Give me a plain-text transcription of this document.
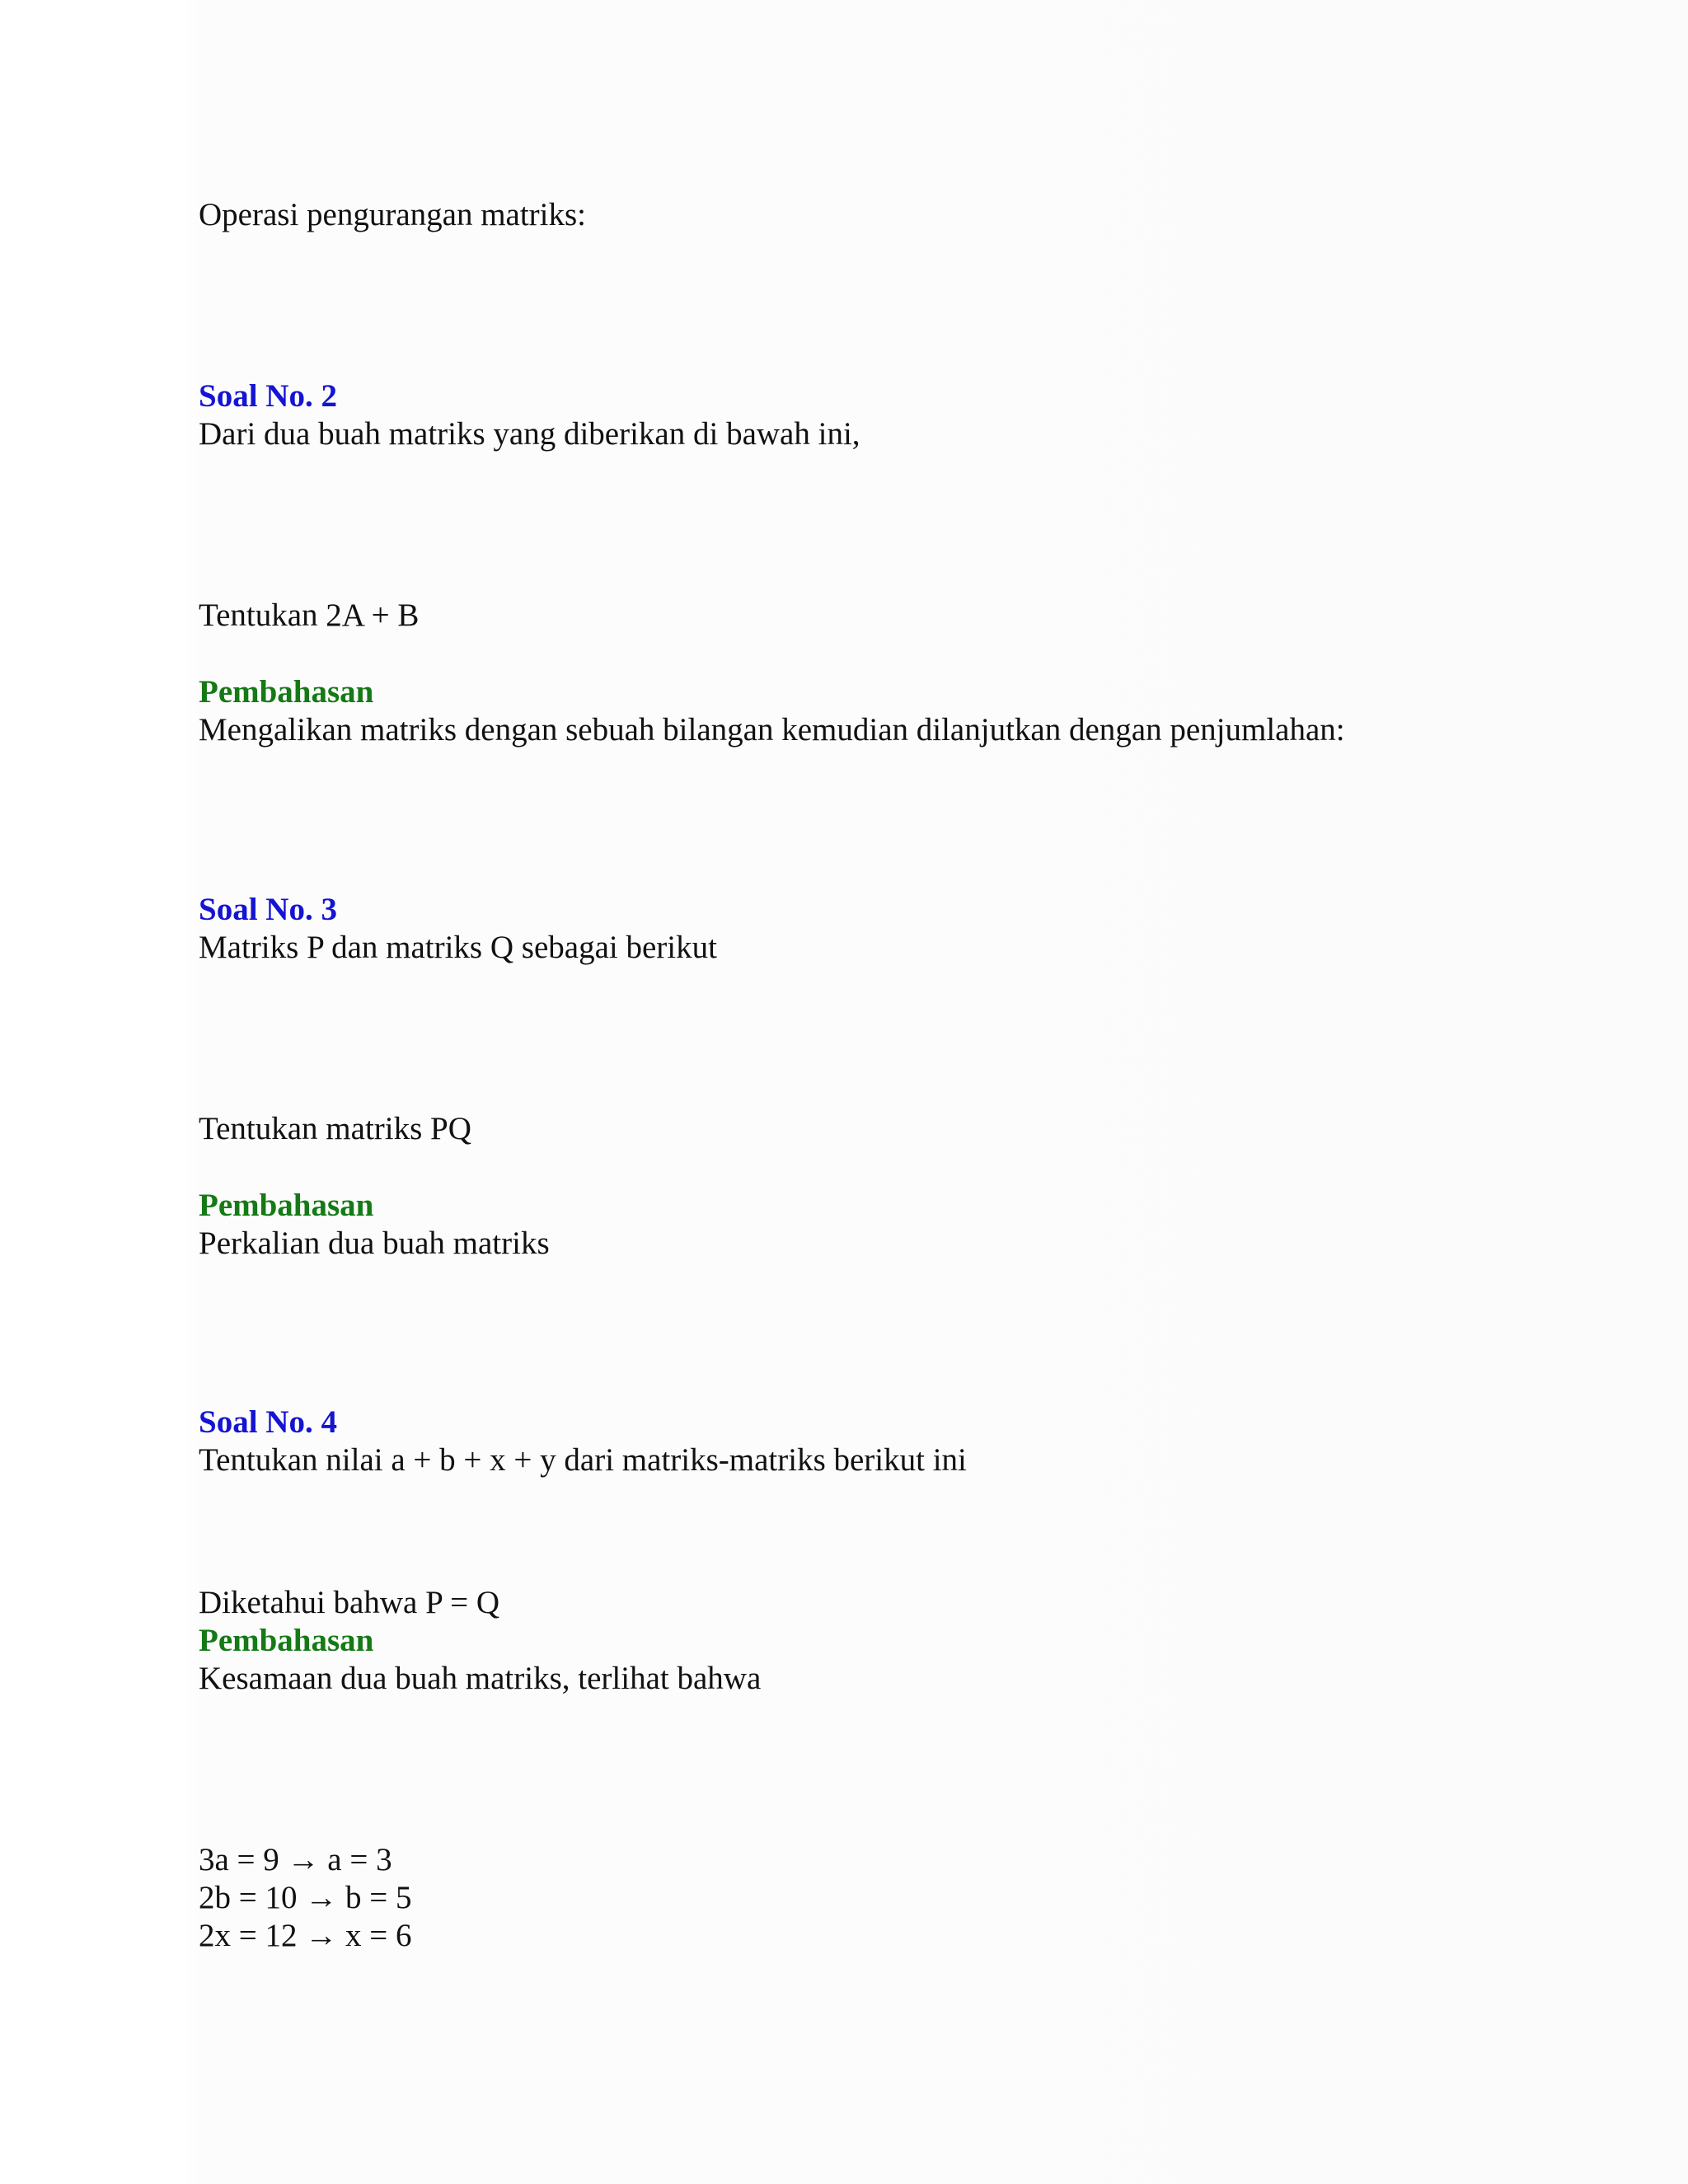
Operasi pengurangan matriks:
Soal No. 2
Dari dua buah matriks yang diberikan di bawah ini,
Tentukan 2A + B
Pembahasan
Mengalikan matriks dengan sebuah bilangan kemudian dilanjutkan dengan penjumlahan:
Soal No. 3
Matriks P dan matriks Q sebagai berikut
Tentukan matriks PQ
Pembahasan
Perkalian dua buah matriks
Soal No. 4
Tentukan nilai a + b + x + y dari matriks-matriks berikut ini
Diketahui bahwa P = Q
Pembahasan
Kesamaan dua buah matriks, terlihat bahwa
3a = 9 → a = 3
2b = 10 → b = 5
2x = 12 → x = 6
